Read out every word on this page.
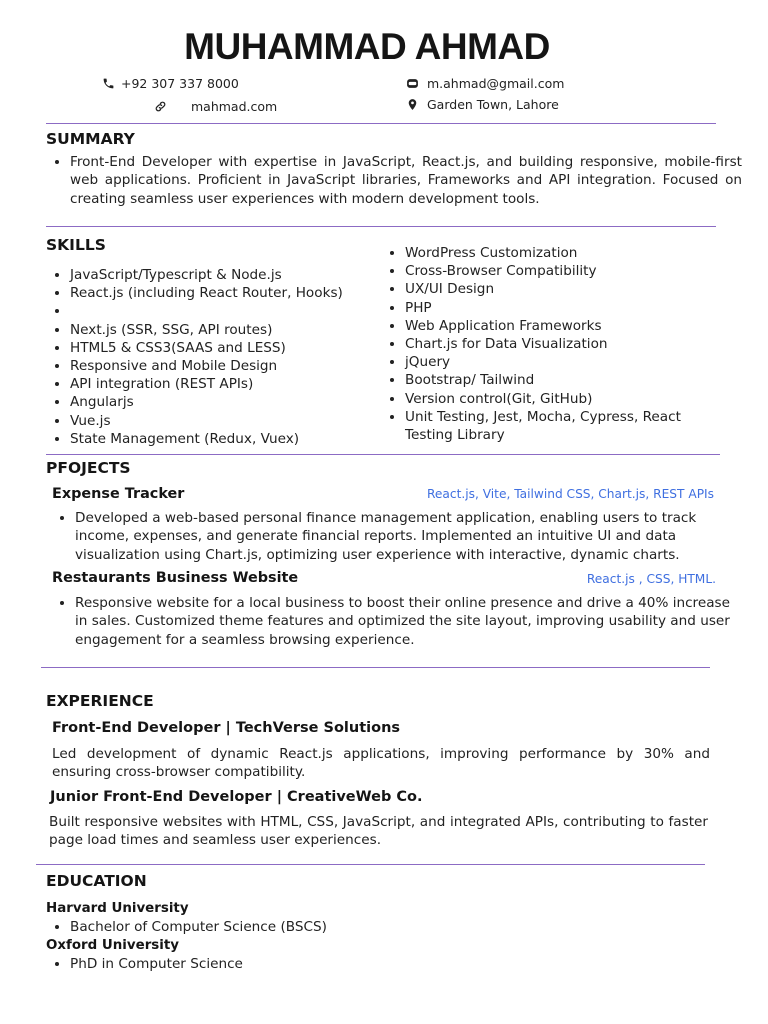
MUHAMMAD AHMAD
+92 307 337 8000	m.ahmad@gmail.com
mahmad.com	Garden Town, Lahore
SUMMARY
• Front-End Developer with expertise in JavaScript, React.js, and building responsive, mobile-first web applications. Proficient in JavaScript libraries, Frameworks and API integration. Focused on creating seamless user experiences with modern development tools.
SKILLS
• JavaScript/Typescript & Node.js
• React.js (including React Router, Hooks)
•
• Next.js (SSR, SSG, API routes)
• HTML5 & CSS3(SAAS and LESS)
• Responsive and Mobile Design
• API integration (REST APIs)
• Angularjs
• Vue.js
• State Management (Redux, Vuex)
• WordPress Customization
• Cross-Browser Compatibility
• UX/UI Design
• PHP
• Web Application Frameworks
• Chart.js for Data Visualization
• jQuery
• Bootstrap/ Tailwind
• Version control(Git, GitHub)
• Unit Testing, Jest, Mocha, Cypress, React Testing Library
PFOJECTS
Expense Tracker	React.js, Vite, Tailwind CSS, Chart.js, REST APIs
• Developed a web-based personal finance management application, enabling users to track income, expenses, and generate financial reports. Implemented an intuitive UI and data visualization using Chart.js, optimizing user experience with interactive, dynamic charts.
Restaurants Business Website	React.js , CSS, HTML.
• Responsive website for a local business to boost their online presence and drive a 40% increase in sales. Customized theme features and optimized the site layout, improving usability and user engagement for a seamless browsing experience.
EXPERIENCE
Front-End Developer | TechVerse Solutions
Led development of dynamic React.js applications, improving performance by 30% and ensuring cross-browser compatibility.
Junior Front-End Developer | CreativeWeb Co.
Built responsive websites with HTML, CSS, JavaScript, and integrated APIs, contributing to faster page load times and seamless user experiences.
EDUCATION
Harvard University
• Bachelor of Computer Science (BSCS)
Oxford University
• PhD in Computer Science
